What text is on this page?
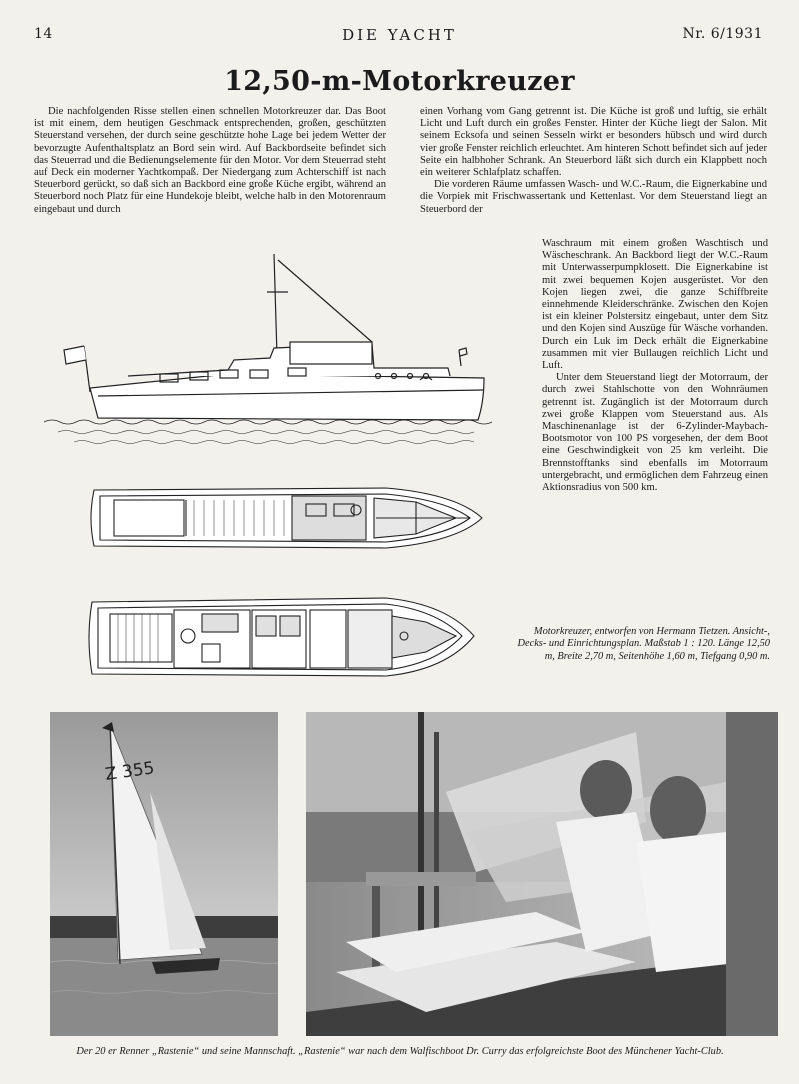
14	DIE YACHT	Nr. 6/1931
12,50-m-Motorkreuzer

Die nachfolgenden Risse stellen einen schnellen Motorkreuzer dar. Das Boot ist mit einem, dem heutigen Geschmack entsprechenden, großen, geschützten Steuerstand versehen, der durch seine geschützte hohe Lage bei jedem Wetter der bevorzugte Aufenthaltsplatz an Bord sein wird. Auf Backbordseite befindet sich das Steuerrad und die Bedienungselemente für den Motor. Vor dem Steuerrad steht auf Deck ein moderner Yachtkompaß. Der Niedergang zum Achterschiff ist nach Steuerbord gerückt, so daß sich an Backbord eine große Küche ergibt, während an Steuerbord noch Platz für eine Hundekoje bleibt, welche halb in den Motorenraum eingebaut und durch

einen Vorhang vom Gang getrennt ist. Die Küche ist groß und luftig, sie erhält Licht und Luft durch ein großes Fenster. Hinter der Küche liegt der Salon. Mit seinem Ecksofa und seinen Sesseln wirkt er besonders hübsch und wird durch vier große Fenster reichlich erleuchtet. Am hinteren Schott befindet sich auf jeder Seite ein halbhoher Schrank. An Steuerbord läßt sich durch ein Klappbett noch ein weiterer Schlafplatz schaffen.

Die vorderen Räume umfassen Wasch- und W.C.-Raum, die Eignerkabine und die Vorpiek mit Frischwassertank und Kettenlast. Vor dem Steuerstand liegt an Steuerbord der

Waschraum mit einem großen Waschtisch und Wäscheschrank. An Backbord liegt der W.C.-Raum mit Unterwasserpumpklosett. Die Eignerkabine ist mit zwei bequemen Kojen ausgerüstet. Vor den Kojen liegen zwei, die ganze Schiffbreite einnehmende Kleiderschränke. Zwischen den Kojen ist ein kleiner Polstersitz eingebaut, unter dem Sitz und den Kojen sind Auszüge für Wäsche vorhanden. Durch ein Luk im Deck erhält die Eignerkabine zusammen mit vier Bullaugen reichlich Licht und Luft.

Unter dem Steuerstand liegt der Motorraum, der durch zwei Stahlschotte von den Wohnräumen getrennt ist. Zugänglich ist der Motorraum durch zwei große Klappen vom Steuerstand aus. Als Maschinenanlage ist der 6-Zylinder-Maybach-Bootsmotor von 100 PS vorgesehen, der dem Boot eine Geschwindigkeit von 25 km verleiht. Die Brennstofftanks sind ebenfalls im Motorraum untergebracht, und ermöglichen dem Fahrzeug einen Aktionsradius von 500 km.

Motorkreuzer, entworfen von Hermann Tietzen. Ansicht-, Decks- und Einrichtungsplan. Maßstab 1 : 120. Länge 12,50 m, Breite 2,70 m, Seitenhöhe 1,60 m, Tiefgang 0,90 m.
Z 355
Der 20 er Renner „Rastenie“ und seine Mannschaft. „Rastenie“ war nach dem Walfischboot Dr. Curry das erfolgreichste Boot des Münchener Yacht-Club.
